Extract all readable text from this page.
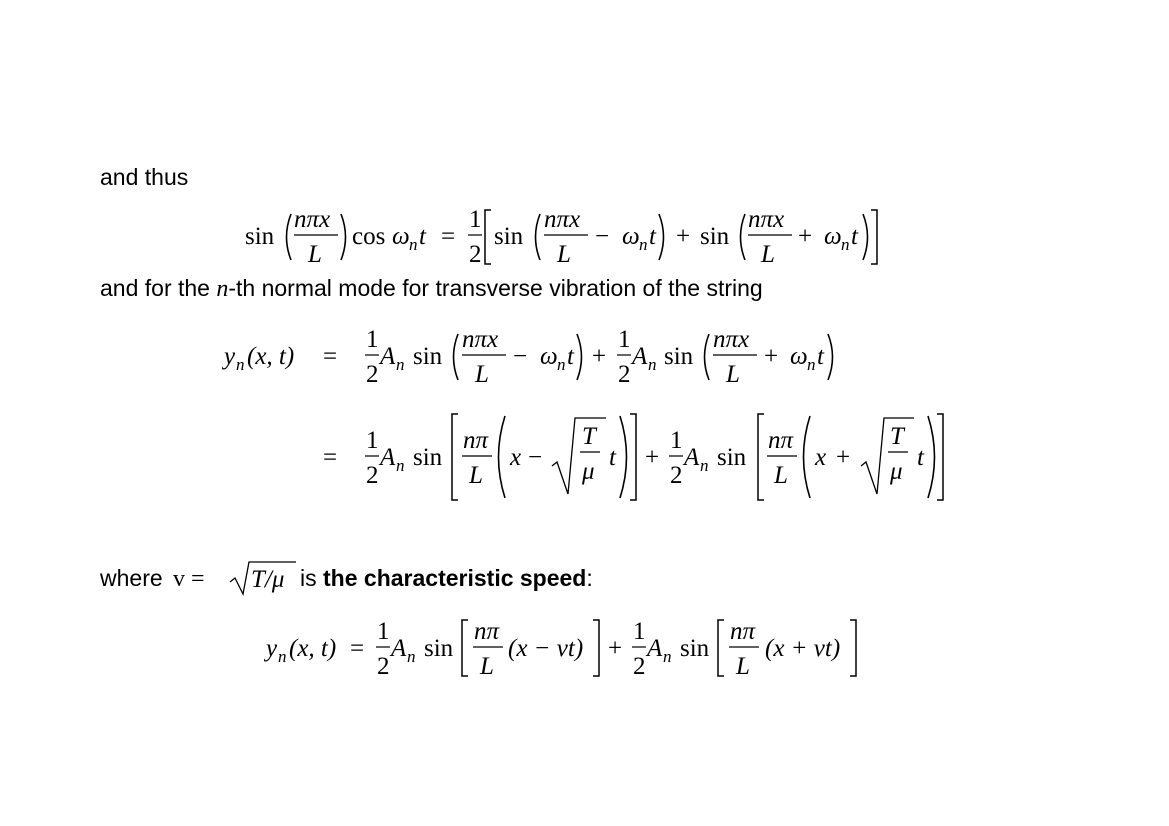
and thus
sin
nπx
L
cos ω n t =
1
2
sin
nπx
L
− ω n t + sin
nπx
L
+ ω n t
and for the n-th normal mode for transverse vibration of the string
y n (x, t) =
1
2
A n sin
nπx
L
− ω n t +
1
2
A n sin
nπx
L
+ ω n t
=
1
2
A n sin
nπ
L
x −
T
μ
t +
1
2
A n sin
nπ
L
x +
T
μ
t
where v = T/μ is the characteristic speed:
y n (x, t) =
1
2
A n sin
nπ
L
(x − vt) +
1
2
A n sin
nπ
L
(x + vt)
